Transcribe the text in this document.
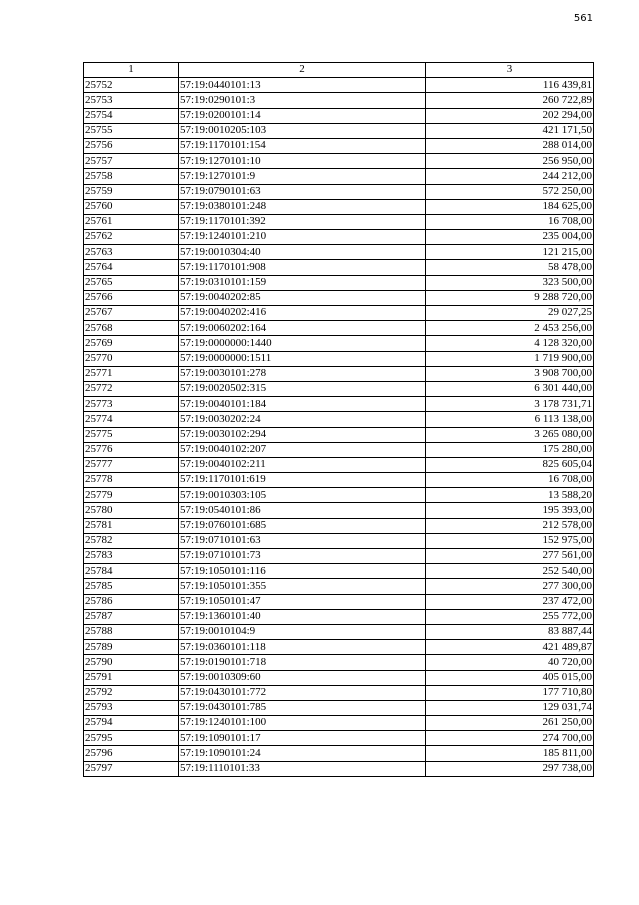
561
1	2	3
25752	57:19:0440101:13	116 439,81
25753	57:19:0290101:3	260 722,89
25754	57:19:0200101:14	202 294,00
25755	57:19:0010205:103	421 171,50
25756	57:19:1170101:154	288 014,00
25757	57:19:1270101:10	256 950,00
25758	57:19:1270101:9	244 212,00
25759	57:19:0790101:63	572 250,00
25760	57:19:0380101:248	184 625,00
25761	57:19:1170101:392	16 708,00
25762	57:19:1240101:210	235 004,00
25763	57:19:0010304:40	121 215,00
25764	57:19:1170101:908	58 478,00
25765	57:19:0310101:159	323 500,00
25766	57:19:0040202:85	9 288 720,00
25767	57:19:0040202:416	29 027,25
25768	57:19:0060202:164	2 453 256,00
25769	57:19:0000000:1440	4 128 320,00
25770	57:19:0000000:1511	1 719 900,00
25771	57:19:0030101:278	3 908 700,00
25772	57:19:0020502:315	6 301 440,00
25773	57:19:0040101:184	3 178 731,71
25774	57:19:0030202:24	6 113 138,00
25775	57:19:0030102:294	3 265 080,00
25776	57:19:0040102:207	175 280,00
25777	57:19:0040102:211	825 605,04
25778	57:19:1170101:619	16 708,00
25779	57:19:0010303:105	13 588,20
25780	57:19:0540101:86	195 393,00
25781	57:19:0760101:685	212 578,00
25782	57:19:0710101:63	152 975,00
25783	57:19:0710101:73	277 561,00
25784	57:19:1050101:116	252 540,00
25785	57:19:1050101:355	277 300,00
25786	57:19:1050101:47	237 472,00
25787	57:19:1360101:40	255 772,00
25788	57:19:0010104:9	83 887,44
25789	57:19:0360101:118	421 489,87
25790	57:19:0190101:718	40 720,00
25791	57:19:0010309:60	405 015,00
25792	57:19:0430101:772	177 710,80
25793	57:19:0430101:785	129 031,74
25794	57:19:1240101:100	261 250,00
25795	57:19:1090101:17	274 700,00
25796	57:19:1090101:24	185 811,00
25797	57:19:1110101:33	297 738,00
